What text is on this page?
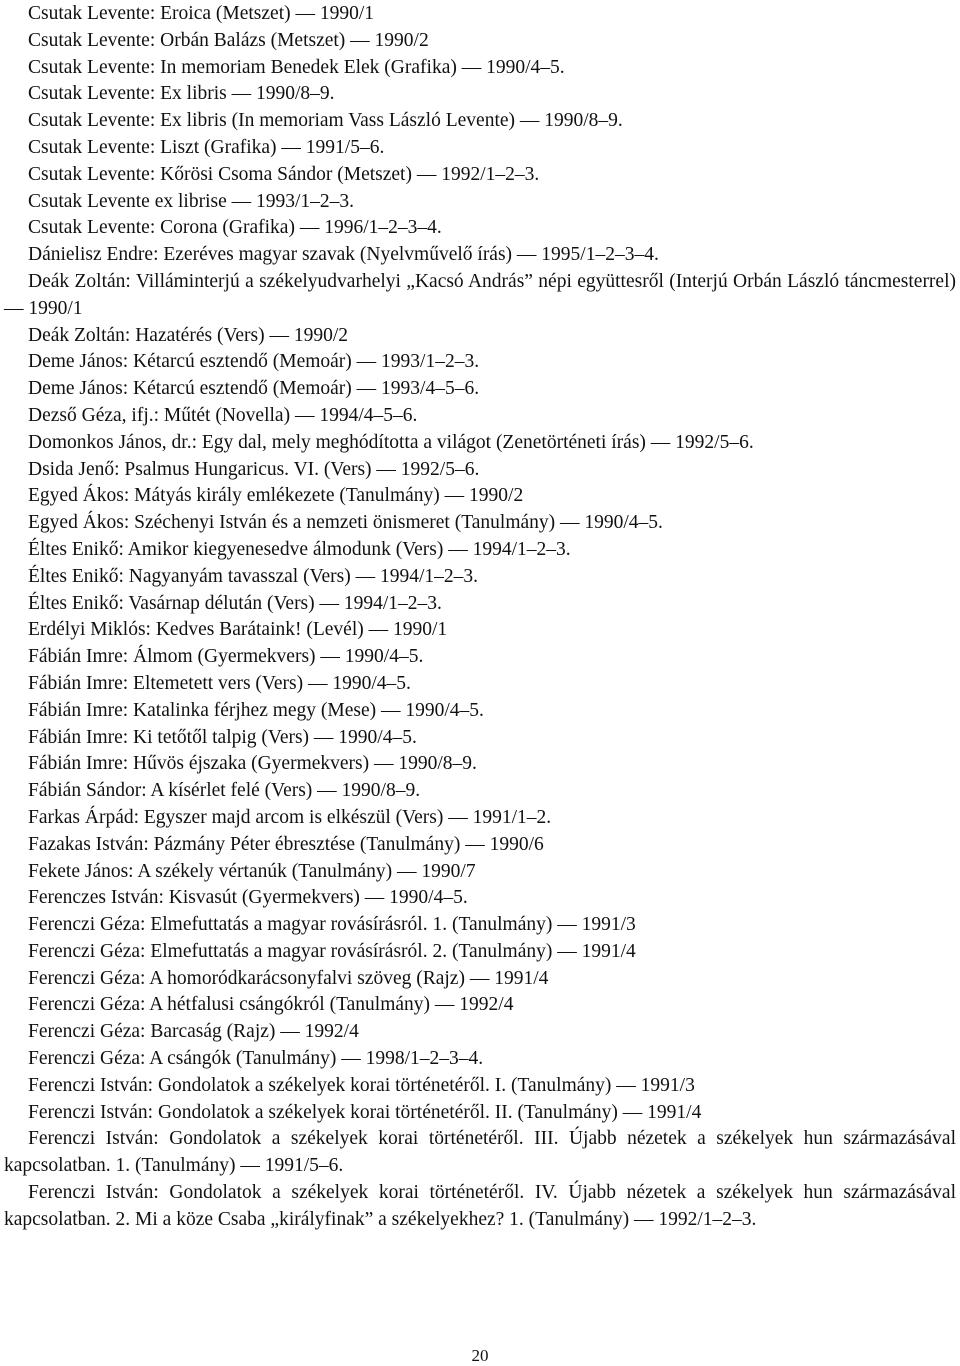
Csutak Levente: Eroica (Metszet) — 1990/1

Csutak Levente: Orbán Balázs (Metszet) — 1990/2

Csutak Levente: In memoriam Benedek Elek (Grafika) — 1990/4–5.

Csutak Levente: Ex libris — 1990/8–9.

Csutak Levente: Ex libris (In memoriam Vass László Levente) — 1990/8–9.

Csutak Levente: Liszt (Grafika) — 1991/5–6.

Csutak Levente: Kőrösi Csoma Sándor (Metszet) — 1992/1–2–3.

Csutak Levente ex librise — 1993/1–2–3.

Csutak Levente: Corona (Grafika) — 1996/1–2–3–4.

Dánielisz Endre: Ezeréves magyar szavak (Nyelvművelő írás) — 1995/1–2–3–4.

Deák Zoltán: Villáminterjú a székelyudvarhelyi „Kacsó András” népi együttesről (Interjú Orbán László táncmesterrel) — 1990/1

Deák Zoltán: Hazatérés (Vers) — 1990/2

Deme János: Kétarcú esztendő (Memoár) — 1993/1–2–3.

Deme János: Kétarcú esztendő (Memoár) — 1993/4–5–6.

Dezső Géza, ifj.: Műtét (Novella) — 1994/4–5–6.

Domonkos János, dr.: Egy dal, mely meghódította a világot (Zenetörténeti írás) — 1992/5–6.

Dsida Jenő: Psalmus Hungaricus. VI. (Vers) — 1992/5–6.

Egyed Ákos: Mátyás király emlékezete (Tanulmány) — 1990/2

Egyed Ákos: Széchenyi István és a nemzeti önismeret (Tanulmány) — 1990/4–5.

Éltes Enikő: Amikor kiegyenesedve álmodunk (Vers) — 1994/1–2–3.

Éltes Enikő: Nagyanyám tavasszal (Vers) — 1994/1–2–3.

Éltes Enikő: Vasárnap délután (Vers) — 1994/1–2–3.

Erdélyi Miklós: Kedves Barátaink! (Levél) — 1990/1

Fábián Imre: Álmom (Gyermekvers) — 1990/4–5.

Fábián Imre: Eltemetett vers (Vers) — 1990/4–5.

Fábián Imre: Katalinka férjhez megy (Mese) — 1990/4–5.

Fábián Imre: Ki tetőtől talpig (Vers) — 1990/4–5.

Fábián Imre: Hűvös éjszaka (Gyermekvers) — 1990/8–9.

Fábián Sándor: A kísérlet felé (Vers) — 1990/8–9.

Farkas Árpád: Egyszer majd arcom is elkészül (Vers) — 1991/1–2.

Fazakas István: Pázmány Péter ébresztése (Tanulmány) — 1990/6

Fekete János: A székely vértanúk (Tanulmány) — 1990/7

Ferenczes István: Kisvasút (Gyermekvers) — 1990/4–5.

Ferenczi Géza: Elmefuttatás a magyar rovásírásról. 1. (Tanulmány) — 1991/3

Ferenczi Géza: Elmefuttatás a magyar rovásírásról. 2. (Tanulmány) — 1991/4

Ferenczi Géza: A homoródkarácsonyfalvi szöveg (Rajz) — 1991/4

Ferenczi Géza: A hétfalusi csángókról (Tanulmány) — 1992/4

Ferenczi Géza: Barcaság (Rajz) — 1992/4

Ferenczi Géza: A csángók (Tanulmány) — 1998/1–2–3–4.

Ferenczi István: Gondolatok a székelyek korai történetéről. I. (Tanulmány) — 1991/3

Ferenczi István: Gondolatok a székelyek korai történetéről. II. (Tanulmány) — 1991/4

Ferenczi István: Gondolatok a székelyek korai történetéről. III. Újabb nézetek a székelyek hun származásával kapcsolatban. 1. (Tanulmány) — 1991/5–6.

Ferenczi István: Gondolatok a székelyek korai történetéről. IV. Újabb nézetek a székelyek hun származásával kapcsolatban. 2. Mi a köze Csaba „királyfinak” a székelyekhez? 1. (Tanulmány) — 1992/1–2–3.

20
